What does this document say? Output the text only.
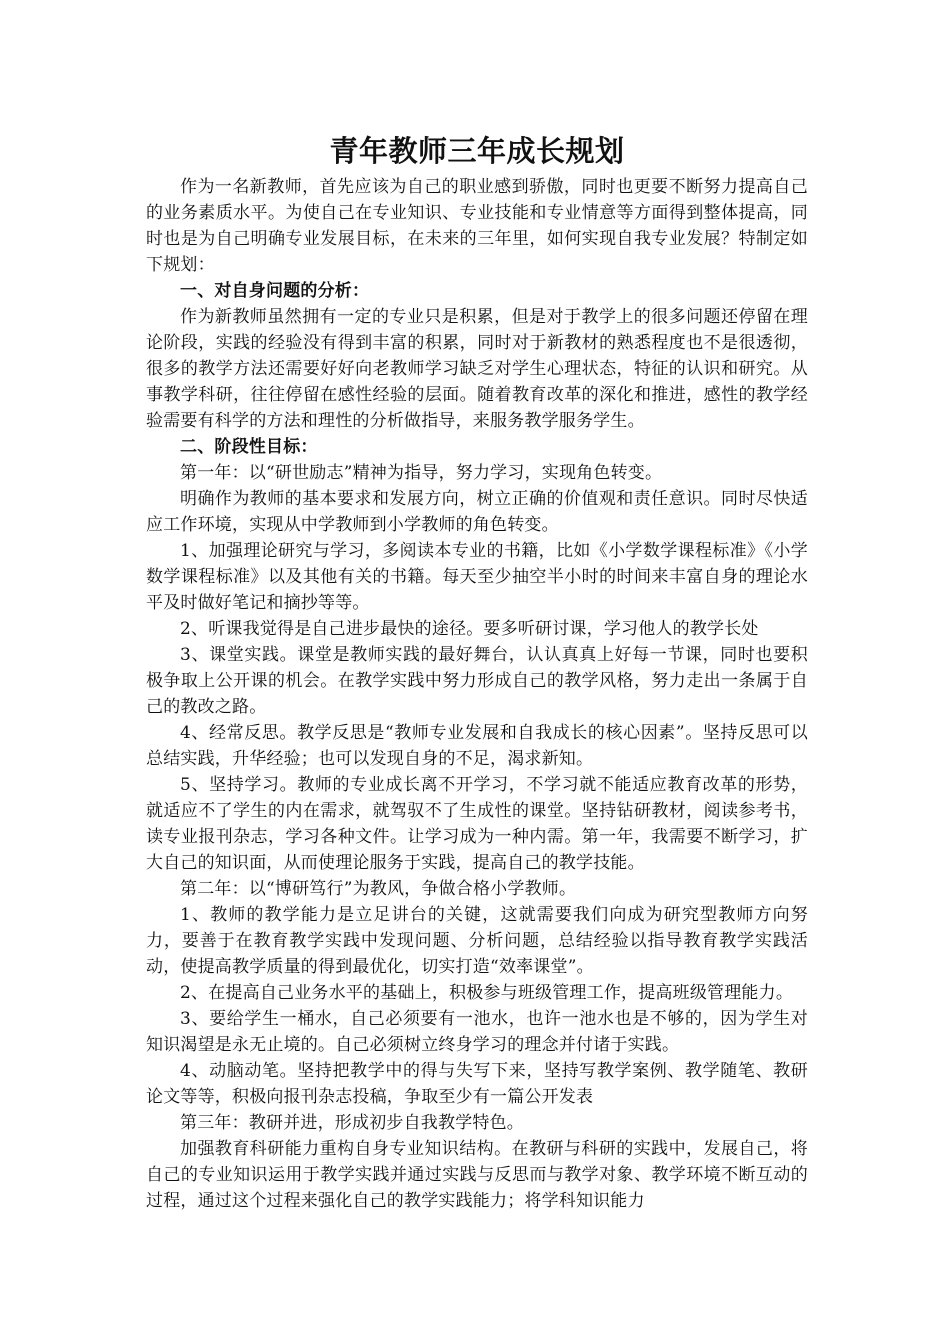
青年教师三年成长规划

作为一名新教师，首先应该为自己的职业感到骄傲，同时也更要不断努力提高自己的业务素质水平。为使自己在专业知识、专业技能和专业情意等方面得到整体提高，同时也是为自己明确专业发展目标，在未来的三年里，如何实现自我专业发展？特制定如下规划：

一、对自身问题的分析：

作为新教师虽然拥有一定的专业只是积累，但是对于教学上的很多问题还停留在理论阶段，实践的经验没有得到丰富的积累，同时对于新教材的熟悉程度也不是很透彻，很多的教学方法还需要好好向老教师学习缺乏对学生心理状态，特征的认识和研究。从事教学科研，往往停留在感性经验的层面。随着教育改革的深化和推进，感性的教学经验需要有科学的方法和理性的分析做指导，来服务教学服务学生。

二、阶段性目标：

第一年：以“研世励志”精神为指导，努力学习，实现角色转变。

明确作为教师的基本要求和发展方向，树立正确的价值观和责任意识。同时尽快适应工作环境，实现从中学教师到小学教师的角色转变。

1、加强理论研究与学习，多阅读本专业的书籍，比如《小学数学课程标准》《小学数学课程标准》以及其他有关的书籍。每天至少抽空半小时的时间来丰富自身的理论水平及时做好笔记和摘抄等等。

2、听课我觉得是自己进步最快的途径。要多听研讨课，学习他人的教学长处

3、课堂实践。课堂是教师实践的最好舞台，认认真真上好每一节课，同时也要积极争取上公开课的机会。在教学实践中努力形成自己的教学风格，努力走出一条属于自己的教改之路。

4、经常反思。教学反思是“教师专业发展和自我成长的核心因素”。坚持反思可以总结实践，升华经验；也可以发现自身的不足，渴求新知。

5、坚持学习。教师的专业成长离不开学习，不学习就不能适应教育改革的形势，就适应不了学生的内在需求，就驾驭不了生成性的课堂。坚持钻研教材，阅读参考书，读专业报刊杂志，学习各种文件。让学习成为一种内需。第一年，我需要不断学习，扩大自己的知识面，从而使理论服务于实践，提高自己的教学技能。

第二年：以“博研笃行”为教风，争做合格小学教师。

1、教师的教学能力是立足讲台的关键，这就需要我们向成为研究型教师方向努力，要善于在教育教学实践中发现问题、分析问题，总结经验以指导教育教学实践活动，使提高教学质量的得到最优化，切实打造“效率课堂”。

2、在提高自己业务水平的基础上，积极参与班级管理工作，提高班级管理能力。

3、要给学生一桶水，自己必须要有一池水，也许一池水也是不够的，因为学生对知识渴望是永无止境的。自己必须树立终身学习的理念并付诸于实践。

4、动脑动笔。坚持把教学中的得与失写下来，坚持写教学案例、教学随笔、教研论文等等，积极向报刊杂志投稿，争取至少有一篇公开发表

第三年：教研并进，形成初步自我教学特色。

加强教育科研能力重构自身专业知识结构。在教研与科研的实践中，发展自己，将自己的专业知识运用于教学实践并通过实践与反思而与教学对象、教学环境不断互动的过程，通过这个过程来强化自己的教学实践能力；将学科知识能力
